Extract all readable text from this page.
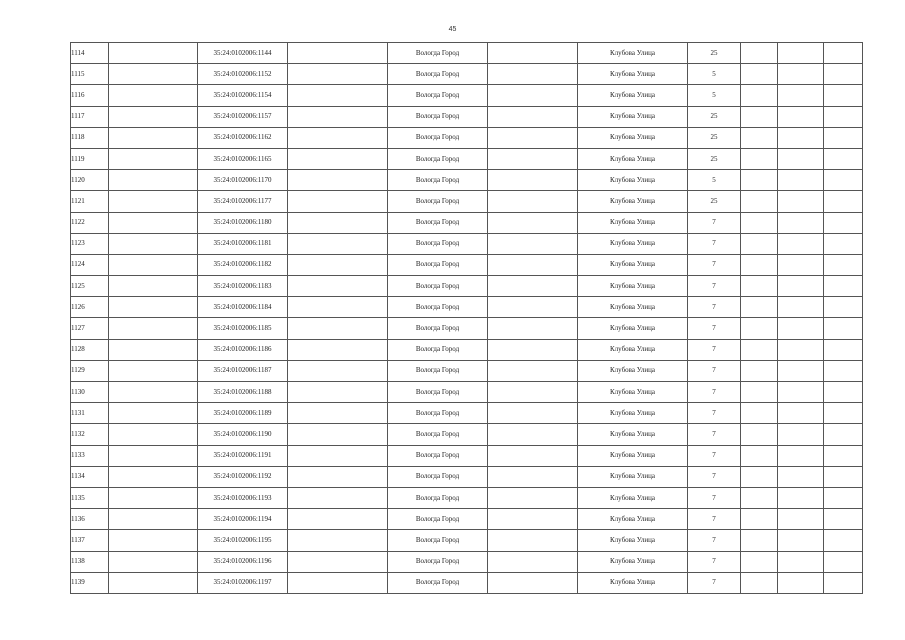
45
1114		35:24:0102006:1144		Вологда Город		Клубова Улица	25			
1115		35:24:0102006:1152		Вологда Город		Клубова Улица	5			
1116		35:24:0102006:1154		Вологда Город		Клубова Улица	5			
1117		35:24:0102006:1157		Вологда Город		Клубова Улица	25			
1118		35:24:0102006:1162		Вологда Город		Клубова Улица	25			
1119		35:24:0102006:1165		Вологда Город		Клубова Улица	25			
1120		35:24:0102006:1170		Вологда Город		Клубова Улица	5			
1121		35:24:0102006:1177		Вологда Город		Клубова Улица	25			
1122		35:24:0102006:1180		Вологда Город		Клубова Улица	7			
1123		35:24:0102006:1181		Вологда Город		Клубова Улица	7			
1124		35:24:0102006:1182		Вологда Город		Клубова Улица	7			
1125		35:24:0102006:1183		Вологда Город		Клубова Улица	7			
1126		35:24:0102006:1184		Вологда Город		Клубова Улица	7			
1127		35:24:0102006:1185		Вологда Город		Клубова Улица	7			
1128		35:24:0102006:1186		Вологда Город		Клубова Улица	7			
1129		35:24:0102006:1187		Вологда Город		Клубова Улица	7			
1130		35:24:0102006:1188		Вологда Город		Клубова Улица	7			
1131		35:24:0102006:1189		Вологда Город		Клубова Улица	7			
1132		35:24:0102006:1190		Вологда Город		Клубова Улица	7			
1133		35:24:0102006:1191		Вологда Город		Клубова Улица	7			
1134		35:24:0102006:1192		Вологда Город		Клубова Улица	7			
1135		35:24:0102006:1193		Вологда Город		Клубова Улица	7			
1136		35:24:0102006:1194		Вологда Город		Клубова Улица	7			
1137		35:24:0102006:1195		Вологда Город		Клубова Улица	7			
1138		35:24:0102006:1196		Вологда Город		Клубова Улица	7			
1139		35:24:0102006:1197		Вологда Город		Клубова Улица	7			
